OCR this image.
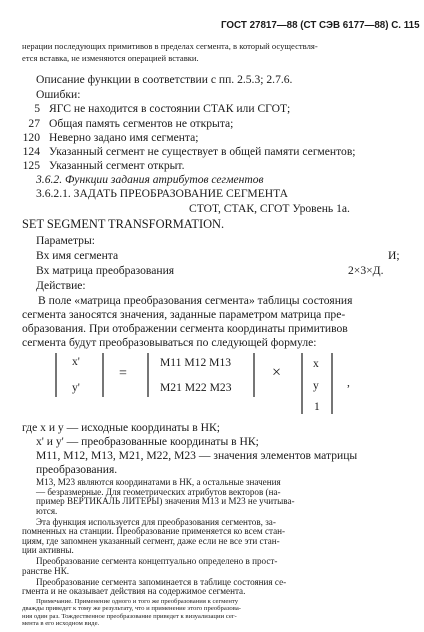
ГОСТ 27817—88 (СТ СЭВ 6177—88) С. 115
нерации последующих примитивов в пределах сегмента, в который осуществля-
ется вставка, не изменяются операцией вставки.
Описание функции в соответствии с пп. 2.5.3; 2.7.6.
Ошибки:
5 ЯГС не находится в состоянии СТАК или СГОТ;
27 Общая память сегментов не открыта;
120 Неверно задано имя сегмента;
124 Указанный сегмент не существует в общей памяти сегментов;
125 Указанный сегмент открыт.
3.6.2. Функции задания атрибутов сегментов
3.6.2.1. ЗАДАТЬ ПРЕОБРАЗОВАНИЕ СЕГМЕНТА
СТОТ, СТАК, СГОТ Уровень 1а.
SET SEGMENT TRANSFORMATION.
Параметры:
Вх имя сегмента	И;
Вх матрица преобразования	2×3×Д.
Действие:
В поле «матрица преобразования сегмента» таблицы состояния
сегмента заносятся значения, заданные параметром матрица пре-
образования. При отображении сегмента координаты примитивов
сегмента будут преобразовываться по следующей формуле:
x'
y'
=
M11 M12 M13
M21 M22 M23
×
x
y
1
,
где x и y — исходные координаты в НК;
x' и y' — преобразованные координаты в НК;
M11, M12, M13, M21, M22, M23 — значения элементов матрицы
преобразования.
M13, M23 являются координатами в НК, а остальные значения
— безразмерные. Для геометрических атрибутов векторов (на-
пример ВЕРТИКАЛЬ ЛИТЕРЫ) значения M13 и M23 не учитыва-
ются.
Эта функция используется для преобразования сегментов, за-
помненных на станции. Преобразование применяется ко всем стан-
циям, где запомнен указанный сегмент, даже если не все эти стан-
ции активны.
Преобразование сегмента концептуально определено в прост-
ранстве НК.
Преобразование сегмента запоминается в таблице состояния се-
гмента и не оказывает действия на содержимое сегмента.
Примечание. Применение одного и того же преобразования к сегменту
дважды приведет к тому же результату, что и применение этого преобразова-
ния один раз. Тождественное преобразование приведет к визуализации сег-
мента в его исходном виде.
